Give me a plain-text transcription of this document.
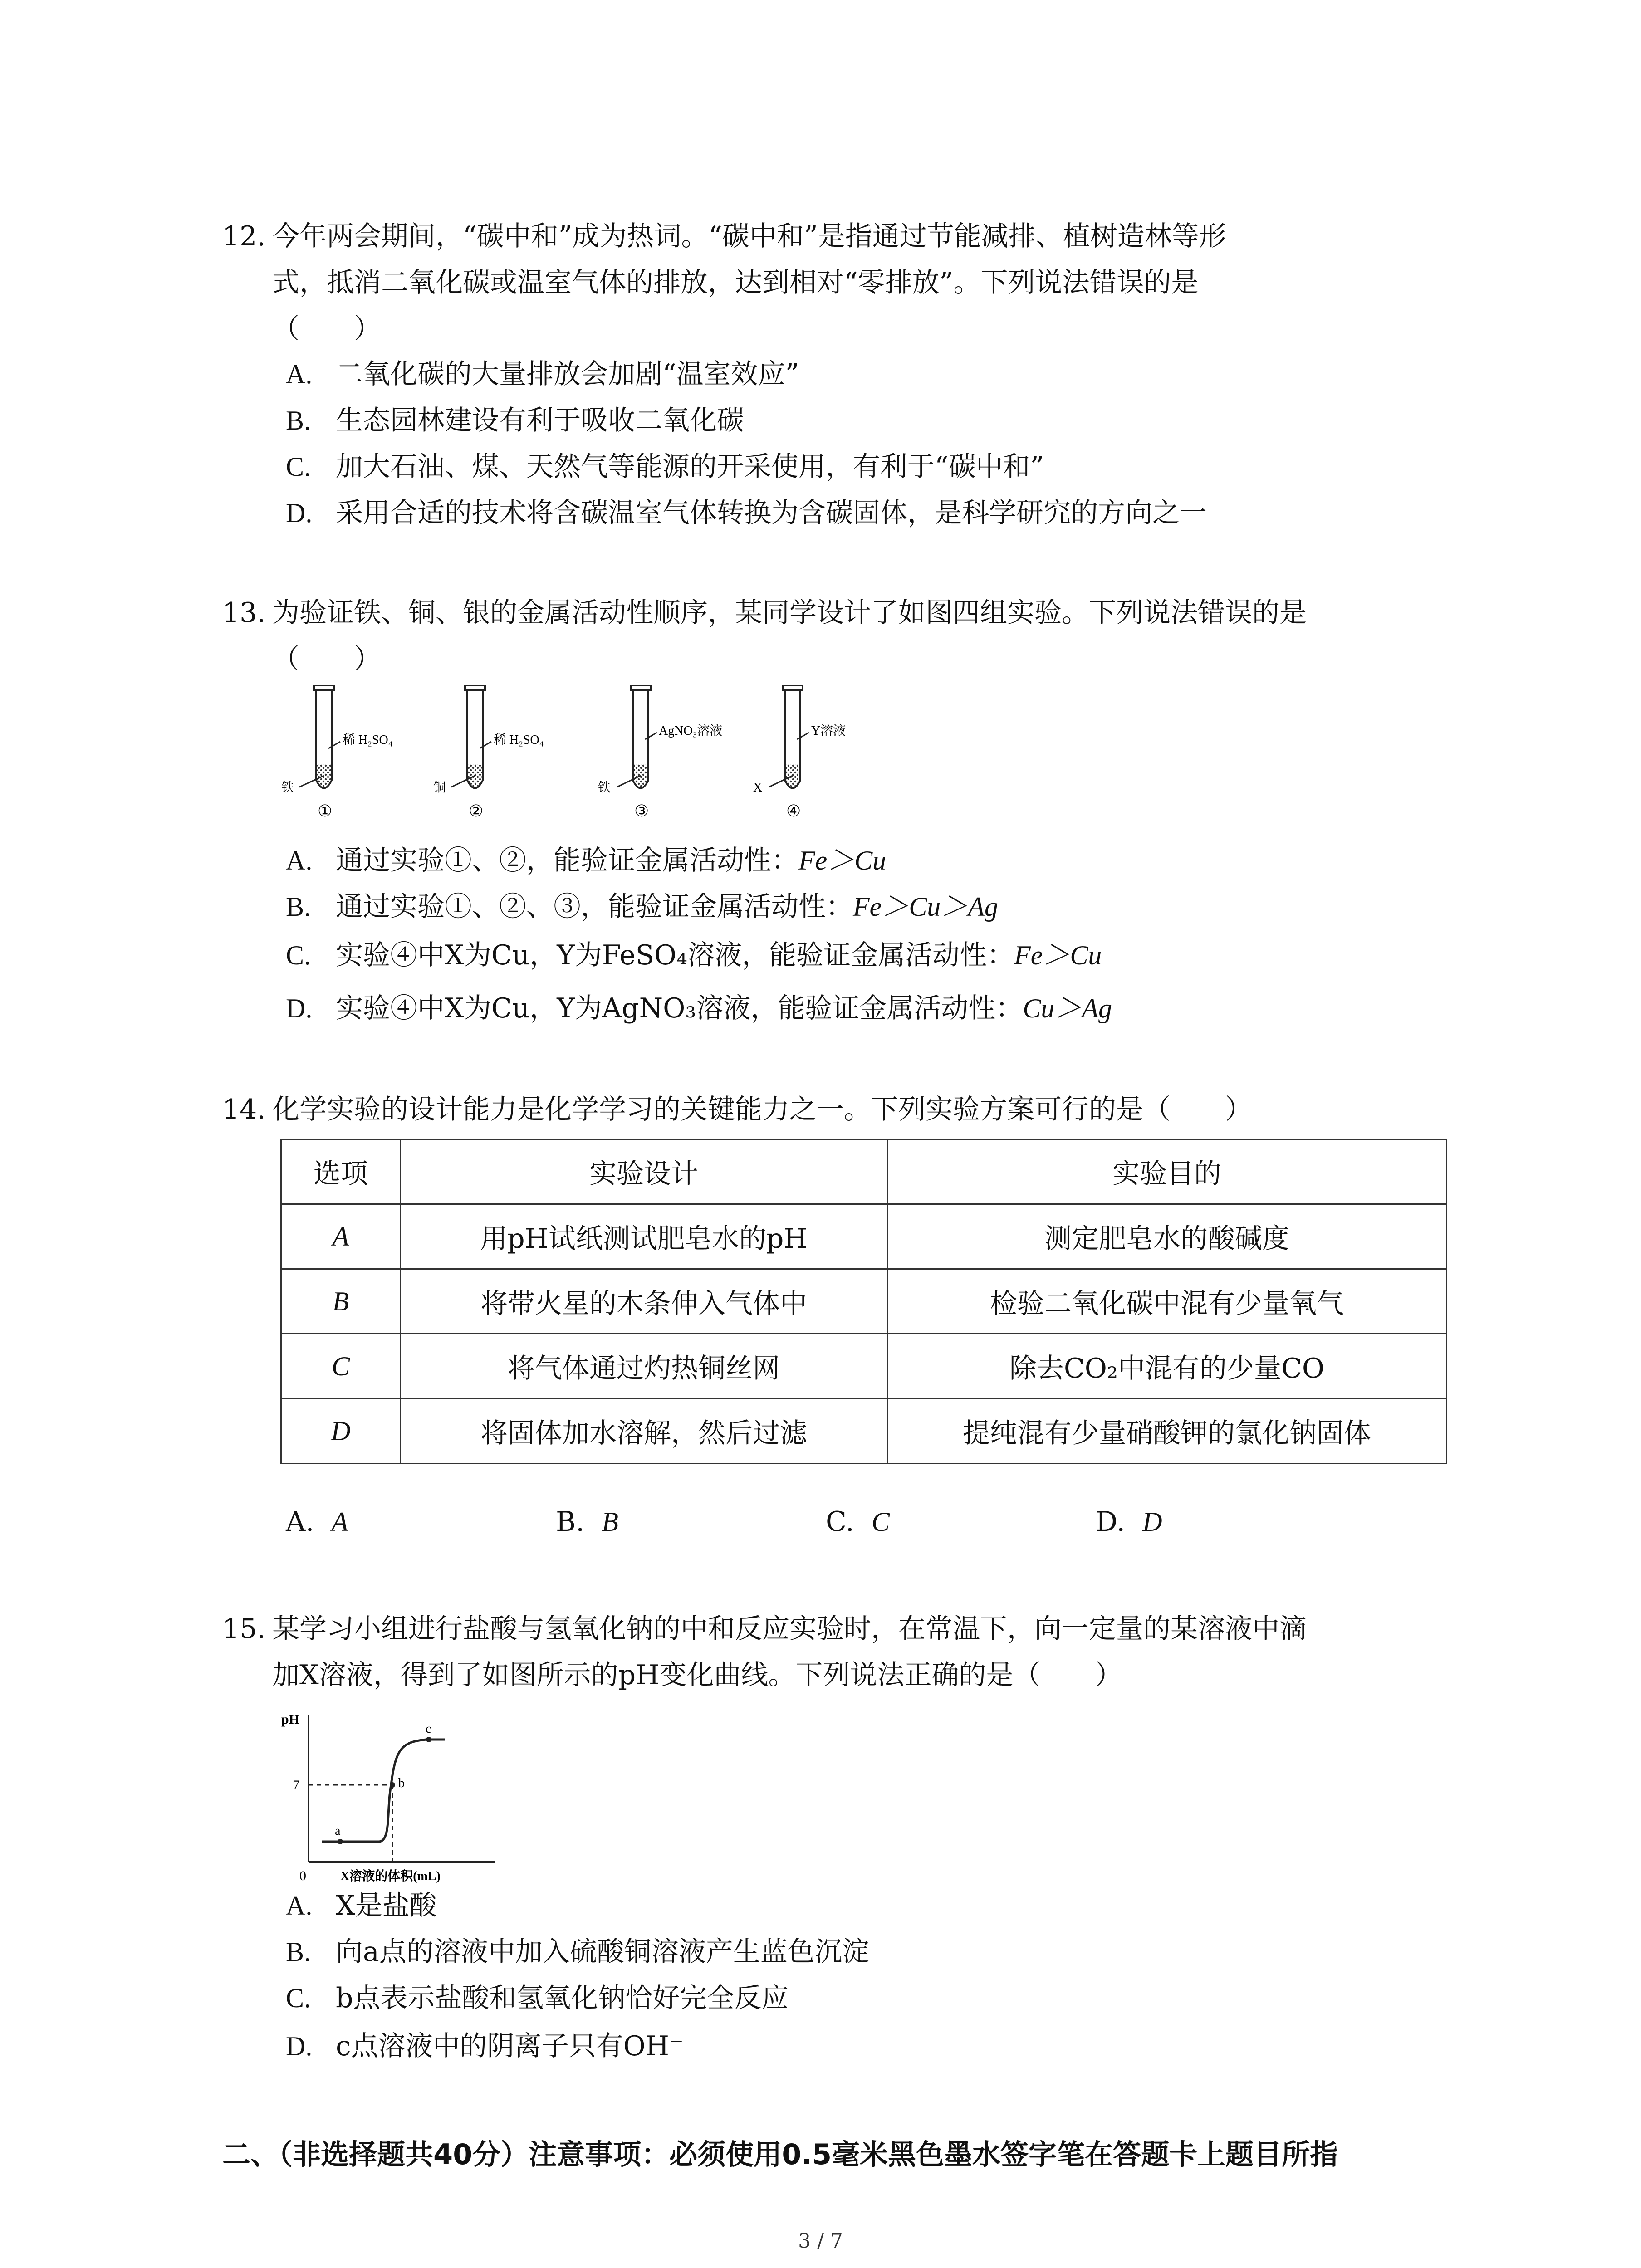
12. 今年两会期间，“碳中和”成为热词。“碳中和”是指通过节能减排、植树造林等形
式，抵消二氧化碳或温室气体的排放，达到相对“零排放”。下列说法错误的是
（　　）
A. 二氧化碳的大量排放会加剧“温室效应”
B. 生态园林建设有利于吸收二氧化碳
C. 加大石油、煤、天然气等能源的开采使用，有利于“碳中和”
D. 采用合适的技术将含碳温室气体转换为含碳固体，是科学研究的方向之一
13. 为验证铁、铜、银的金属活动性顺序，某同学设计了如图四组实验。下列说法错误的是
（　　）
铁
稀 H₂SO₄
①
铜
稀 H₂SO₄
②
铁
AgNO₃溶液
③
X
Y溶液
④
A. 通过实验①、②，能验证金属活动性：Fe＞Cu
B. 通过实验①、②、③，能验证金属活动性：Fe＞Cu＞Ag
C. 实验④中X为Cu，Y为FeSO₄溶液，能验证金属活动性：Fe＞Cu
D. 实验④中X为Cu，Y为AgNO₃溶液，能验证金属活动性：Cu＞Ag
14. 化学实验的设计能力是化学学习的关键能力之一。下列实验方案可行的是（　　）
选项	实验设计	实验目的
A	用pH试纸测试肥皂水的pH	测定肥皂水的酸碱度
B	将带火星的木条伸入气体中	检验二氧化碳中混有少量氧气
C	将气体通过灼热铜丝网	除去CO₂中混有的少量CO
D	将固体加水溶解，然后过滤	提纯混有少量硝酸钾的氯化钠固体
A. A	B. B	C. C	D. D
15. 某学习小组进行盐酸与氢氧化钠的中和反应实验时，在常温下，向一定量的某溶液中滴
加X溶液，得到了如图所示的pH变化曲线。下列说法正确的是（　　）
pH
7
0	X溶液的体积(mL)
a
b
c
A. X是盐酸
B. 向a点的溶液中加入硫酸铜溶液产生蓝色沉淀
C. b点表示盐酸和氢氧化钠恰好完全反应
D. c点溶液中的阴离子只有OH⁻
二、（非选择题共40分）注意事项：必须使用0.5毫米黑色墨水签字笔在答题卡上题目所指
3 / 7
